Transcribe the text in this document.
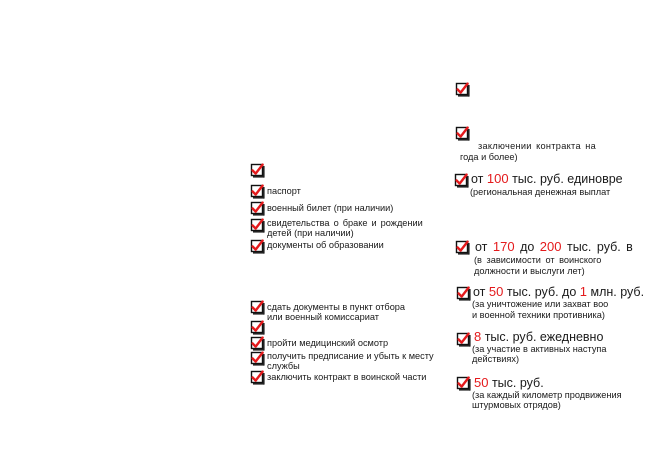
паспорт
военный билет (при наличии)
свидетельства о браке и рождении
детей (при наличии)
документы об образовании
сдать документы в пункт отбора
или военный комиссариат
пройти медицинский осмотр
получить предписание и убыть к месту
службы
заключить контракт в воинской части
заключении контракта на
года и более)
от 100 тыс. руб. единовре
(региональная денежная выплат
от 170 до 200 тыс. руб. в
(в зависимости от воинского
должности и выслуги лет)
от 50 тыс. руб. до 1 млн. руб.
(за уничтожение или захват воо
и военной техники противника)
8 тыс. руб. ежедневно
(за участие в активных наступа
действиях)
50 тыс. руб.
(за каждый километр продвижения
штурмовых отрядов)
